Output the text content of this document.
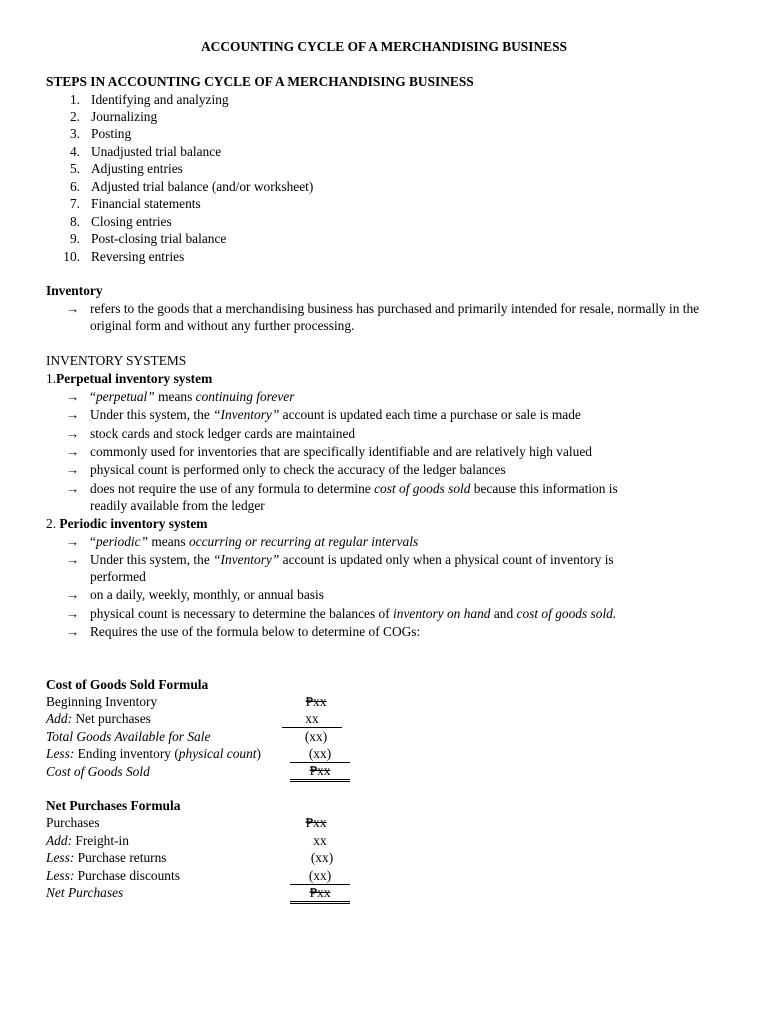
ACCOUNTING CYCLE OF A MERCHANDISING BUSINESS
STEPS IN ACCOUNTING CYCLE OF A MERCHANDISING BUSINESS
1. Identifying and analyzing
2. Journalizing
3. Posting
4. Unadjusted trial balance
5. Adjusting entries
6. Adjusted trial balance (and/or worksheet)
7. Financial statements
8. Closing entries
9. Post-closing trial balance
10. Reversing entries
Inventory
→ refers to the goods that a merchandising business has purchased and primarily intended for resale, normally in the original form and without any further processing.
INVENTORY SYSTEMS
1.Perpetual inventory system
→ “perpetual” means continuing forever
→ Under this system, the “Inventory” account is updated each time a purchase or sale is made
→ stock cards and stock ledger cards are maintained
→ commonly used for inventories that are specifically identifiable and are relatively high valued
→ physical count is performed only to check the accuracy of the ledger balances
→ does not require the use of any formula to determine cost of goods sold because this information is
readily available from the ledger
2. Periodic inventory system
→ “periodic” means occurring or recurring at regular intervals
→ Under this system, the “Inventory” account is updated only when a physical count of inventory is
performed
→ on a daily, weekly, monthly, or annual basis
→ physical count is necessary to determine the balances of inventory on hand and cost of goods sold.
→ Requires the use of the formula below to determine of COGs:
Cost of Goods Sold Formula
Beginning Inventory	₱xx
Add: Net purchases	xx
Total Goods Available for Sale	(xx)
Less: Ending inventory (physical count)	(xx)
Cost of Goods Sold	₱xx
Net Purchases Formula
Purchases	₱xx
Add: Freight-in	xx
Less: Purchase returns	(xx)
Less: Purchase discounts	(xx)
Net Purchases	₱xx
